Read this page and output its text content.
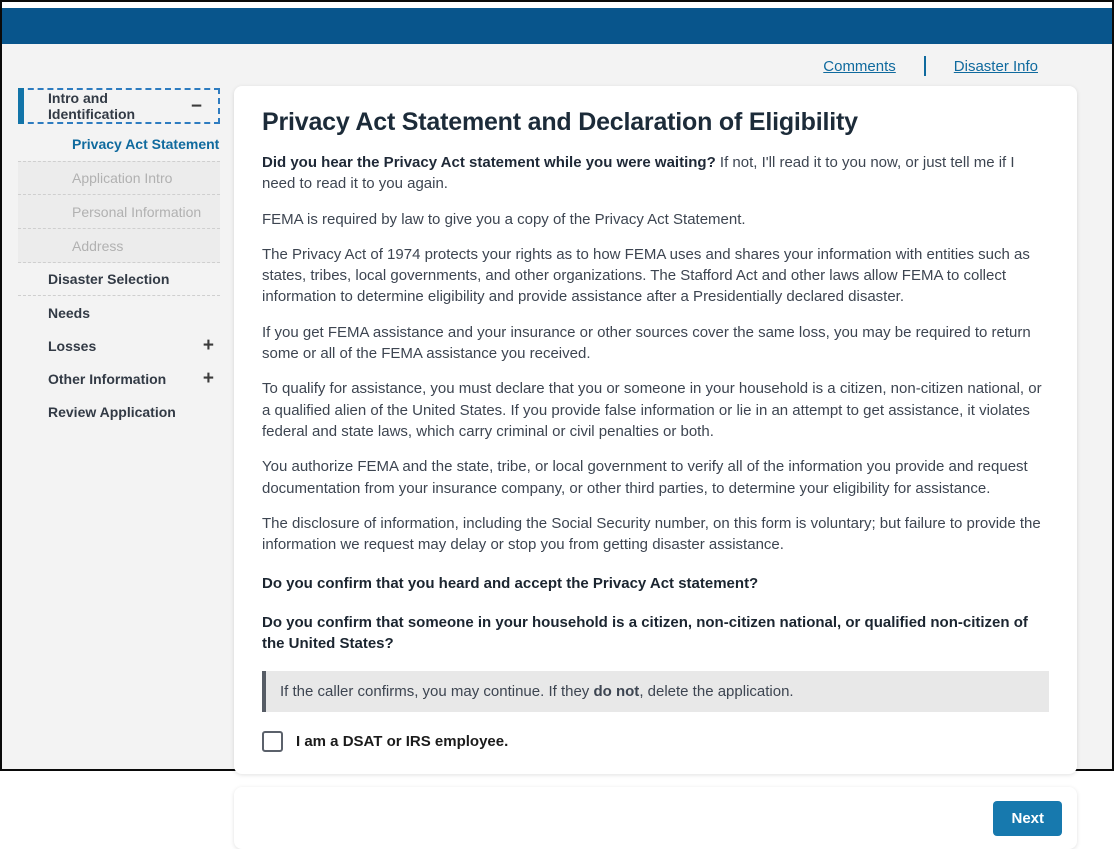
Comments	Disaster Info
Intro and Identification	−
Privacy Act Statement
Application Intro
Personal Information
Address
Disaster Selection
Needs
Losses	+
Other Information +
Review Application
Privacy Act Statement and Declaration of Eligibility

Did you hear the Privacy Act statement while you were waiting? If not, I'll read it to you now, or just tell me if I need to read it to you again.

FEMA is required by law to give you a copy of the Privacy Act Statement.

The Privacy Act of 1974 protects your rights as to how FEMA uses and shares your information with entities such as states, tribes, local governments, and other organizations. The Stafford Act and other laws allow FEMA to collect information to determine eligibility and provide assistance after a Presidentially declared disaster.

If you get FEMA assistance and your insurance or other sources cover the same loss, you may be required to return some or all of the FEMA assistance you received.

To qualify for assistance, you must declare that you or someone in your household is a citizen, non-citizen national, or a qualified alien of the United States. If you provide false information or lie in an attempt to get assistance, it violates federal and state laws, which carry criminal or civil penalties or both.

You authorize FEMA and the state, tribe, or local government to verify all of the information you provide and request documentation from your insurance company, or other third parties, to determine your eligibility for assistance.

The disclosure of information, including the Social Security number, on this form is voluntary; but failure to provide the information we request may delay or stop you from getting disaster assistance.

Do you confirm that you heard and accept the Privacy Act statement?

Do you confirm that someone in your household is a citizen, non-citizen national, or qualified non-citizen of the United States?

If the caller confirms, you may continue. If they do not, delete the application.
I am a DSAT or IRS employee.
Next
